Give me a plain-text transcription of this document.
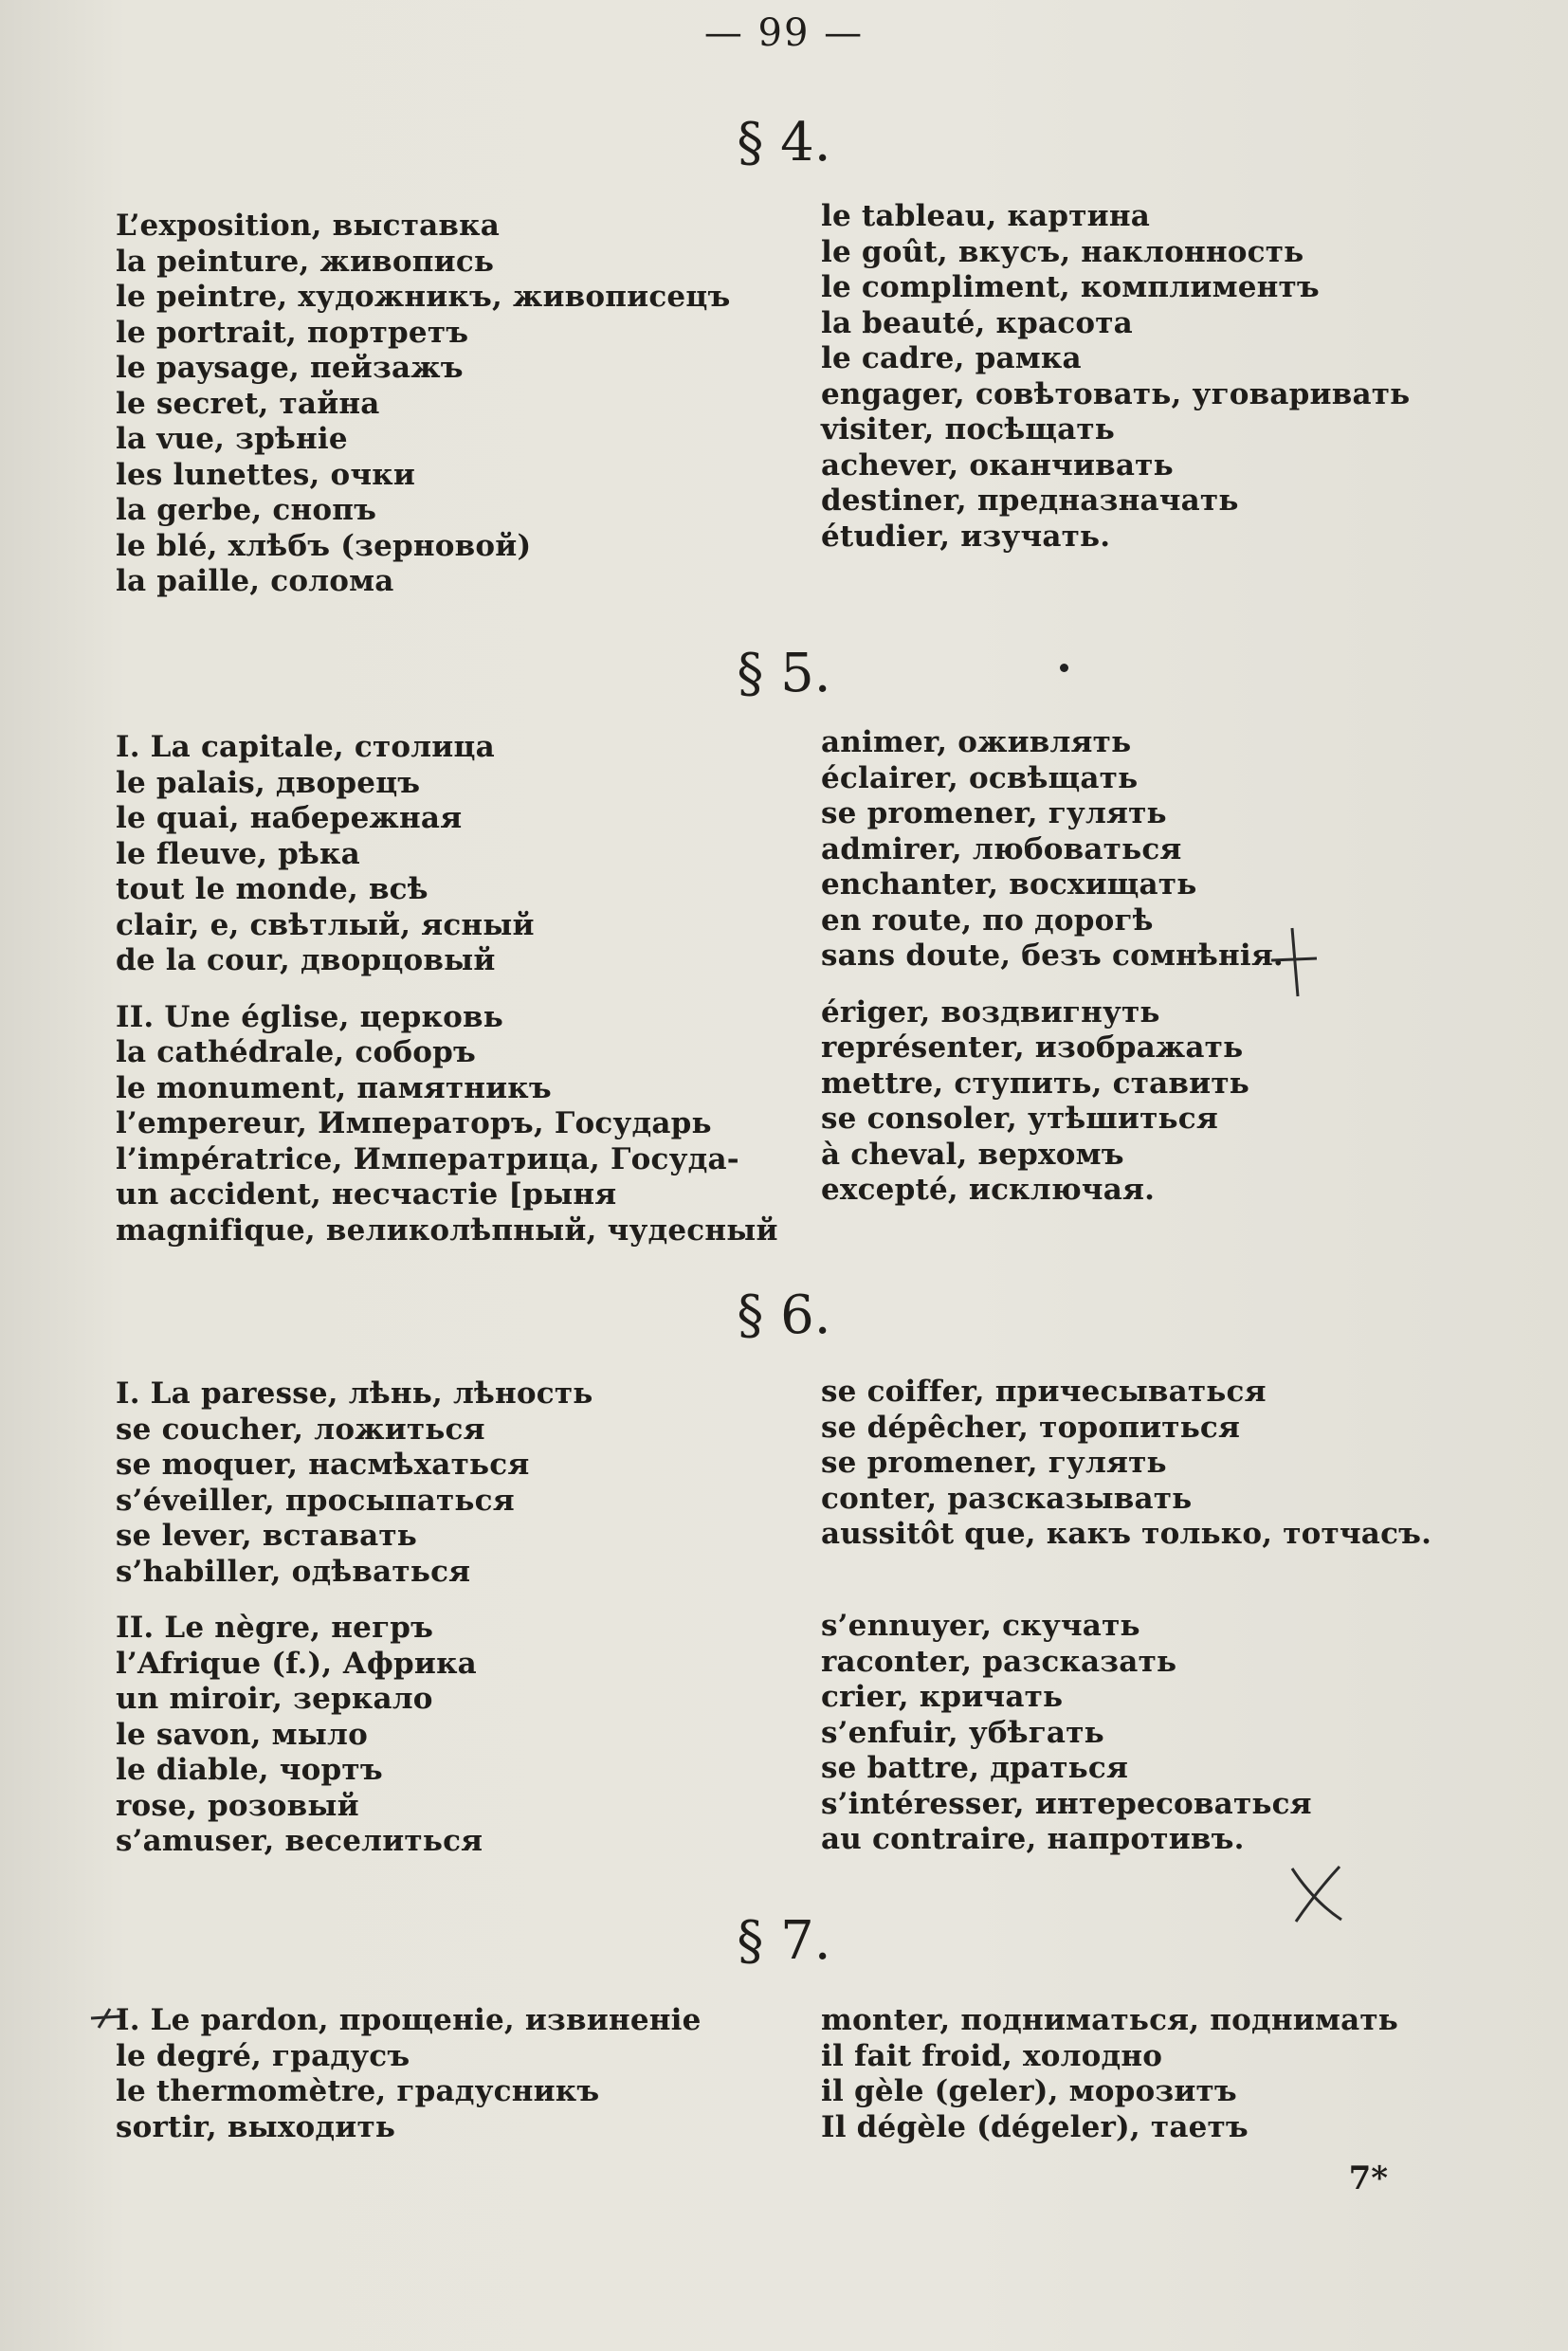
— 99 —
§ 4.
L’exposition, выставка
la peinture, живопись
le peintre, художникъ, живописецъ
le portrait, портретъ
le paysage, пейзажъ
le secret, тайна
la vue, зрѣніе
les lunettes, очки
la gerbe, снопъ
le blé, хлѣбъ (зерновой)
la paille, солома
le tableau, картина
le goût, вкусъ, наклонность
le compliment, комплиментъ
la beauté, красота
le cadre, рамка
engager, совѣтовать, уговаривать
visiter, посѣщать
achever, оканчивать
destiner, предназначать
étudier, изучать.
§ 5.
I. La capitale, столица
le palais, дворецъ
le quai, набережная
le fleuve, рѣка
tout le monde, всѣ
clair, e, свѣтлый, ясный
de la cour, дворцовый
II. Une église, церковь
la cathédrale, соборъ
le monument, памятникъ
l’empereur, Императоръ, Государь
l’impératrice, Императрица, Госуда-
un accident, несчастіе [рыня
magnifique, великолѣпный, чудесный
animer, оживлять
éclairer, освѣщать
se promener, гулять
admirer, любоваться
enchanter, восхищать
en route, по дорогѣ
sans doute, безъ сомнѣнія.
ériger, воздвигнуть
représenter, изображать
mettre, ступить, ставить
se consoler, утѣшиться
à cheval, верхомъ
excepté, исключая.
§ 6.
I. La paresse, лѣнь, лѣность
se coucher, ложиться
se moquer, насмѣхаться
s’éveiller, просыпаться
se lever, вставать
s’habiller, одѣваться
II. Le nègre, негръ
l’Afrique (f.), Африка
un miroir, зеркало
le savon, мыло
le diable, чортъ
rose, розовый
s’amuser, веселиться
se coiffer, причесываться
se dépêcher, торопиться
se promener, гулять
conter, разсказывать
aussitôt que, какъ только, тотчасъ.
s’ennuyer, скучать
raconter, разсказать
crier, кричать
s’enfuir, убѣгать
se battre, драться
s’intéresser, интересоваться
au contraire, напротивъ.
§ 7.
I. Le pardon, прощеніе, извиненіе
le degré, градусъ
le thermomètre, градусникъ
sortir, выходить
monter, подниматься, поднимать
il fait froid, холодно
il gèle (geler), морозитъ
Il dégèle (dégeler), таетъ
7*
